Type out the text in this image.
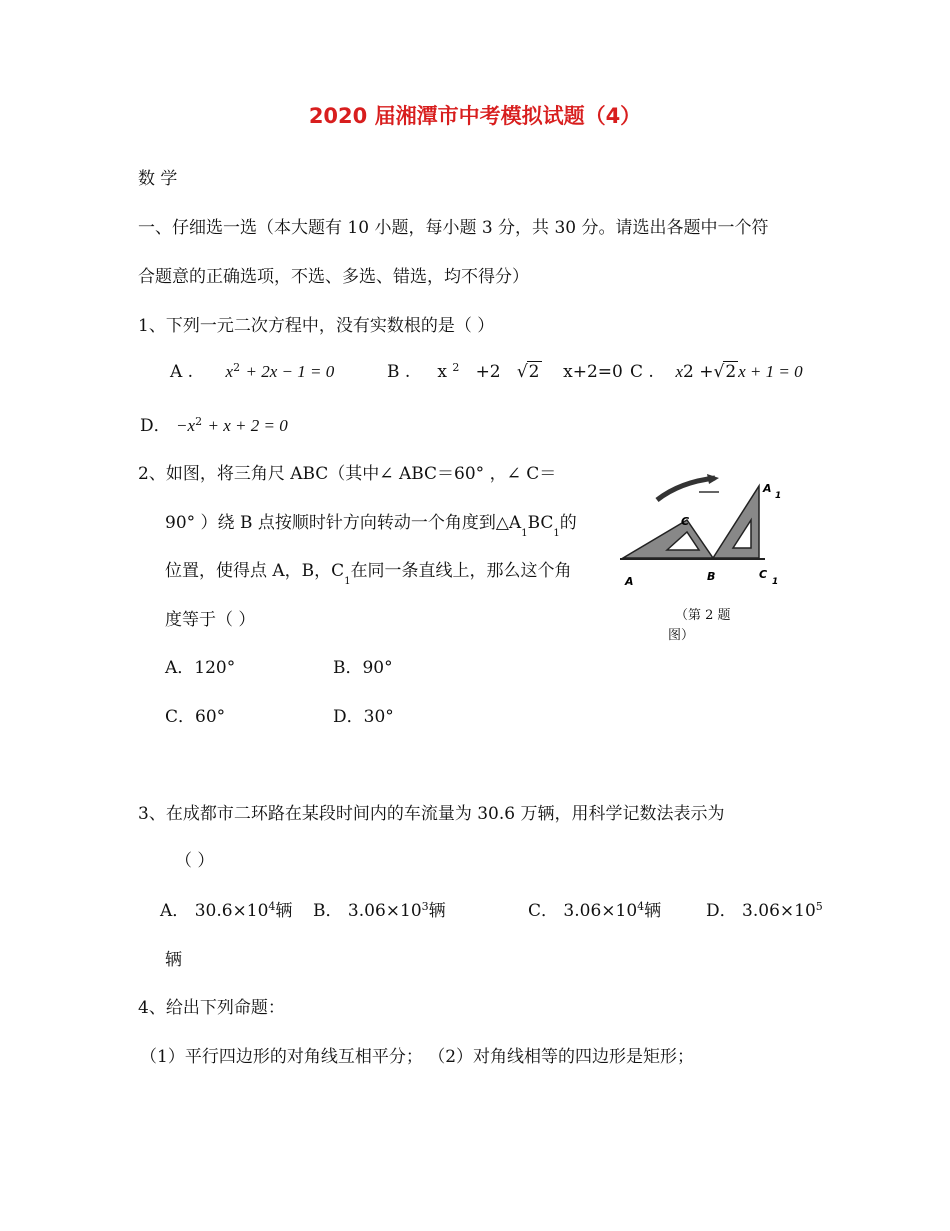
2020 届湘潭市中考模拟试题（4）
数 学
一、仔细选一选（本大题有 10 小题，每小题 3 分，共 30 分。请选出各题中一个符
合题意的正确选项，不选、多选、错选，均不得分）
1、下列一元二次方程中，没有实数根的是（ ）
A . $x^2 + 2x - 1 = 0$	B . x $^2$ +2   √2 x+2=0 C . x2 +√2 x + 1 = 0
D． $-x^2 + x + 2 = 0$
2、如图，将三角尺 ABC（其中∠ ABC＝60° ，∠ C＝
90° ）绕 B 点按顺时针方向转动一个角度到$\triangle A_1BC_1$的
位置，使得点 A，B，$C_1$在同一条直线上，那么这个角
度等于（ ）
C
A	B	C
1
A
1
（第 2 题
图）
A．120°	B．90°
C．60°	D．30°
3、在成都市二环路在某段时间内的车流量为 30.6 万辆，用科学记数法表示为
（ ）
A． $30.6\times 10^4$辆 B． $3.06\times 10^3$辆	C． $3.06\times 10^4$辆	D． $3.06\times 10^5$
辆
4、给出下列命题：
（1）平行四边形的对角线互相平分； （2）对角线相等的四边形是矩形；
